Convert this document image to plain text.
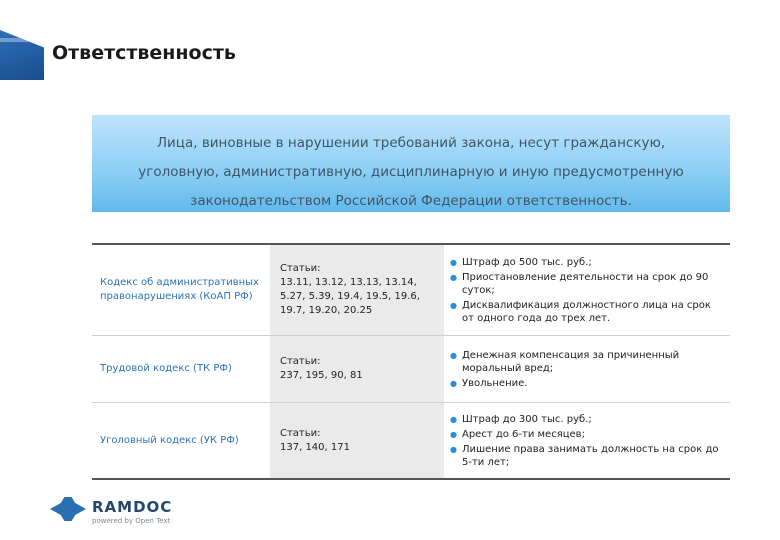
Ответственность
Лица, виновные в нарушении требований закона, несут гражданскую, уголовную, административную, дисциплинарную и иную предусмотренную законодательством Российской Федерации ответственность.
Кодекс об административных правонарушениях (КоАП РФ)
Статьи:
13.11, 13.12, 13.13, 13.14, 5.27, 5.39, 19.4, 19.5, 19.6, 19.7, 19.20, 20.25
● Штраф до 500 тыс. руб.;
● Приостановление деятельности на срок до 90 суток;
● Дисквалификация должностного лица на срок от одного года до трех лет.
Трудовой кодекс (ТК РФ)
Статьи:
237, 195, 90, 81
● Денежная компенсация за причиненный моральный вред;
● Увольнение.
Уголовный кодекс (УК РФ)
Статьи:
137, 140, 171
● Штраф до 300 тыс. руб.;
● Арест до 6-ти месяцев;
● Лишение права занимать должность на срок до 5-ти лет;
RAMDOC
powered by Open Text
